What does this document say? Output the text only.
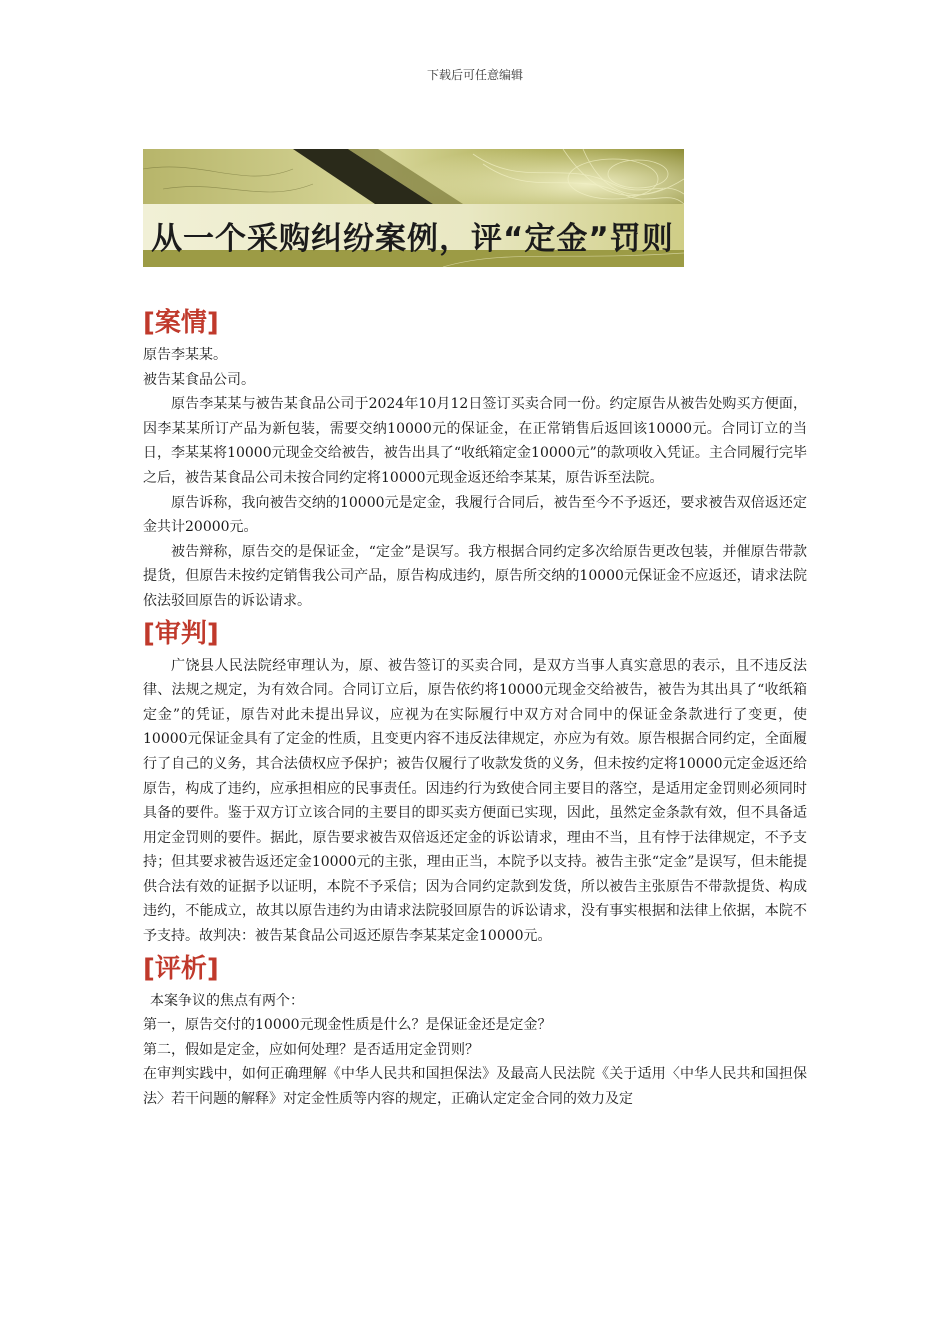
下载后可任意编辑
从一个采购纠纷案例，评“定金”罚则
[案情]

原告李某某。

被告某食品公司。

原告李某某与被告某食品公司于2024年10月12日签订买卖合同一份。约定原告从被告处购买方便面，因李某某所订产品为新包装，需要交纳10000元的保证金，在正常销售后返回该10000元。合同订立的当日，李某某将10000元现金交给被告，被告出具了“收纸箱定金10000元”的款项收入凭证。主合同履行完毕之后，被告某食品公司未按合同约定将10000元现金返还给李某某，原告诉至法院。

原告诉称，我向被告交纳的10000元是定金，我履行合同后，被告至今不予返还，要求被告双倍返还定金共计20000元。

被告辩称，原告交的是保证金，“定金”是误写。我方根据合同约定多次给原告更改包装，并催原告带款提货，但原告未按约定销售我公司产品，原告构成违约，原告所交纳的10000元保证金不应返还，请求法院依法驳回原告的诉讼请求。

[审判]

广饶县人民法院经审理认为，原、被告签订的买卖合同，是双方当事人真实意思的表示，且不违反法律、法规之规定，为有效合同。合同订立后，原告依约将10000元现金交给被告，被告为其出具了“收纸箱定金”的凭证，原告对此未提出异议，应视为在实际履行中双方对合同中的保证金条款进行了变更，使10000元保证金具有了定金的性质，且变更内容不违反法律规定，亦应为有效。原告根据合同约定，全面履行了自己的义务，其合法债权应予保护；被告仅履行了收款发货的义务，但未按约定将10000元定金返还给原告，构成了违约，应承担相应的民事责任。因违约行为致使合同主要目的落空，是适用定金罚则必须同时具备的要件。鉴于双方订立该合同的主要目的即买卖方便面已实现，因此，虽然定金条款有效，但不具备适用定金罚则的要件。据此，原告要求被告双倍返还定金的诉讼请求，理由不当，且有悖于法律规定，不予支持；但其要求被告返还定金10000元的主张，理由正当，本院予以支持。被告主张“定金”是误写，但未能提供合法有效的证据予以证明，本院不予采信；因为合同约定款到发货，所以被告主张原告不带款提货、构成违约，不能成立，故其以原告违约为由请求法院驳回原告的诉讼请求，没有事实根据和法律上依据，本院不予支持。故判决：被告某食品公司返还原告李某某定金10000元。

[评析]

本案争议的焦点有两个：

第一，原告交付的10000元现金性质是什么？是保证金还是定金？

第二，假如是定金，应如何处理？是否适用定金罚则？

在审判实践中，如何正确理解《中华人民共和国担保法》及最高人民法院《关于适用〈中华人民共和国担保法〉若干问题的解释》对定金性质等内容的规定，正确认定定金合同的效力及定
